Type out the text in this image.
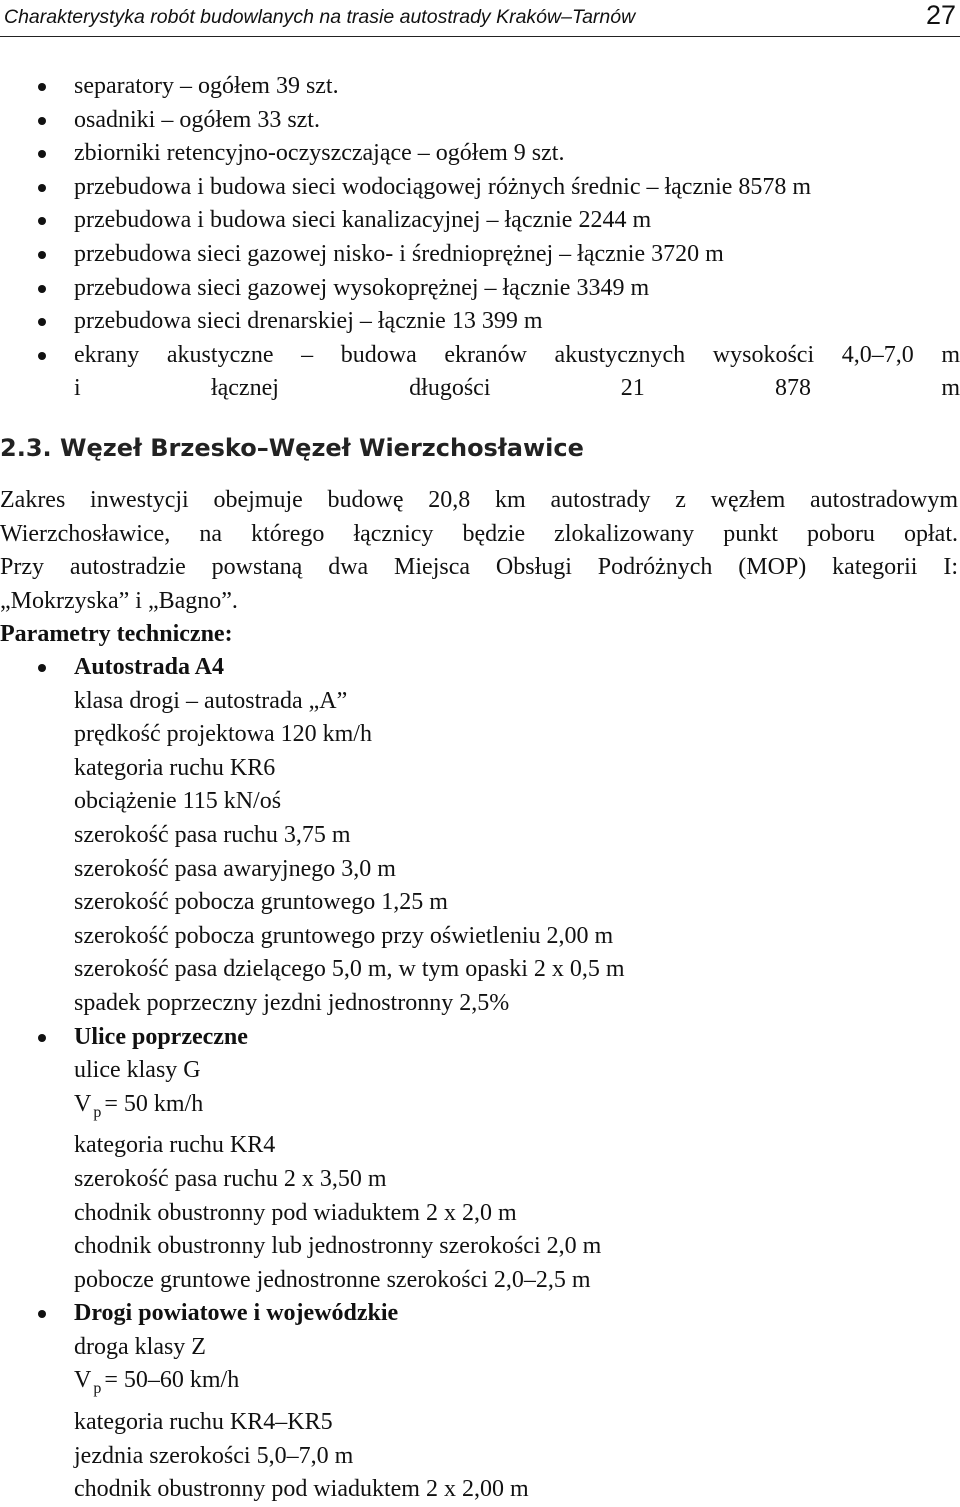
Charakterystyka robót budowlanych na trasie autostrady Kraków–Tarnów	27
separatory – ogółem 39 szt.
osadniki – ogółem 33 szt.
zbiorniki retencyjno-oczyszczające – ogółem 9 szt.
przebudowa i budowa sieci wodociągowej różnych średnic – łącznie 8578 m
przebudowa i budowa sieci kanalizacyjnej – łącznie 2244 m
przebudowa sieci gazowej nisko- i średnioprężnej – łącznie 3720 m
przebudowa sieci gazowej wysokoprężnej – łącznie 3349 m
przebudowa sieci drenarskiej – łącznie 13 399 m
ekrany akustyczne – budowa ekranów akustycznych wysokości 4,0–7,0 m
i łącznej długości 21 878 m
2.3. Węzeł Brzesko–Węzeł Wierzchosławice
Zakres inwestycji obejmuje budowę 20,8 km autostrady z węzłem autostradowym
Wierzchosławice, na którego łącznicy będzie zlokalizowany punkt poboru opłat.
Przy autostradzie powstaną dwa Miejsca Obsługi Podróżnych (MOP) kategorii I:
„Mokrzyska” i „Bagno”.
Parametry techniczne:
Autostrada A4
klasa drogi – autostrada „A”
prędkość projektowa 120 km/h
kategoria ruchu KR6
obciążenie 115 kN/oś
szerokość pasa ruchu 3,75 m
szerokość pasa awaryjnego 3,0 m
szerokość pobocza gruntowego 1,25 m
szerokość pobocza gruntowego przy oświetleniu 2,00 m
szerokość pasa dzielącego 5,0 m, w tym opaski 2 x 0,5 m
spadek poprzeczny jezdni jednostronny 2,5%
Ulice poprzeczne
ulice klasy G
V $_p$ = 50 km/h
kategoria ruchu KR4
szerokość pasa ruchu 2 x 3,50 m
chodnik obustronny pod wiaduktem 2 x 2,0 m
chodnik obustronny lub jednostronny szerokości 2,0 m
pobocze gruntowe jednostronne szerokości 2,0–2,5 m
Drogi powiatowe i wojewódzkie
droga klasy Z
V $_p$ = 50–60 km/h
kategoria ruchu KR4–KR5
jezdnia szerokości 5,0–7,0 m
chodnik obustronny pod wiaduktem 2 x 2,00 m
